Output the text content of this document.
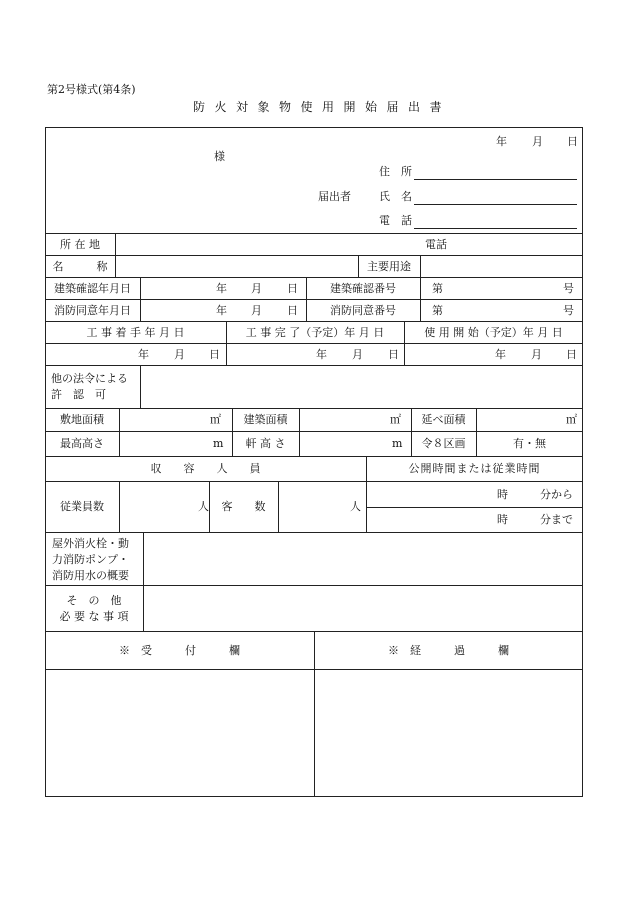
第2号様式(第4条)
防火対象物使用開始届出書
年 月 日
様
住　所
届出者	氏　名
電　話
所 在 地	電話
名　　　称	主要用途
建築確認年月日	年 月 日	建築確認番号	第	号
消防同意年月日	年 月 日	消防同意番号	第	号
工 事 着 手 年 月 日	工 事 完 了（予定）年 月 日	使 用 開 始（予定）年 月 日
年 月 日	年 月 日	年 月 日
他の法令による
許　認　可
敷地面積	㎡	建築面積	㎡	延べ面積	㎡
最高高さ	m	軒 高 さ	m	令８区画	有・無
収　　容　　人　　員	公開時間または従業時間
従業員数	人	客　　数	人
時	分から
時	分まで
屋外消火栓・動
力消防ポンプ・
消防用水の概要
そ　の　他
必 要 な 事 項
※　受　　　付　　　欄	※　経　　　過　　　欄
